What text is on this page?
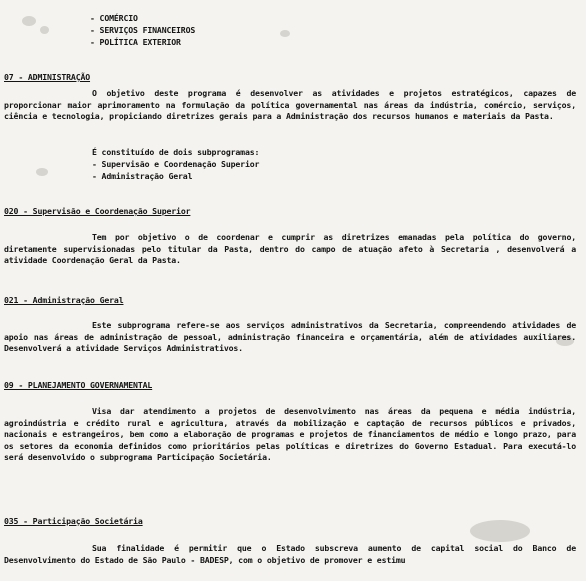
- COMÉRCIO
- SERVIÇOS FINANCEIROS
- POLÍTICA EXTERIOR
07 - ADMINISTRAÇÃO
O objetivo deste programa é desenvolver as atividades e projetos estratégicos, capazes de proporcionar maior aprimoramento na formulação da política governamental nas áreas da indústria, comércio, serviços, ciência e tecnologia, propiciando diretrizes gerais para a Administração dos recursos humanos e materiais da Pasta.
É constituído de dois subprogramas:
- Supervisão e Coordenação Superior
- Administração Geral
020 - Supervisão e Coordenação Superior
Tem por objetivo o de coordenar e cumprir as diretrizes emanadas pela política do governo, diretamente supervisionadas pelo titular da Pasta, dentro do campo de atuação afeto à Secretaria , desenvolverá a atividade Coordenação Geral da Pasta.
021 - Administração Geral
Este subprograma refere-se aos serviços administrativos da Secretaria, compreendendo atividades de apoio nas áreas de administração de pessoal, administração financeira e orçamentária, além de atividades auxiliares. Desenvolverá a atividade Serviços Administrativos.
09 - PLANEJAMENTO GOVERNAMENTAL
Visa dar atendimento a projetos de desenvolvimento nas áreas da pequena e média indústria, agroindústria e crédito rural e agricultura, através da mobilização e captação de recursos públicos e privados, nacionais e estrangeiros, bem como a elaboração de programas e projetos de financiamentos de médio e longo prazo, para os setores da economia definidos como prioritários pelas políticas e diretrizes do Governo Estadual. Para executá-lo será desenvolvido o subprograma Participação Societária.
035 - Participação Societária
Sua finalidade é permitir que o Estado subscreva aumento de capital social do Banco de Desenvolvimento do Estado de São Paulo - BADESP, com o objetivo de promover e estimu
